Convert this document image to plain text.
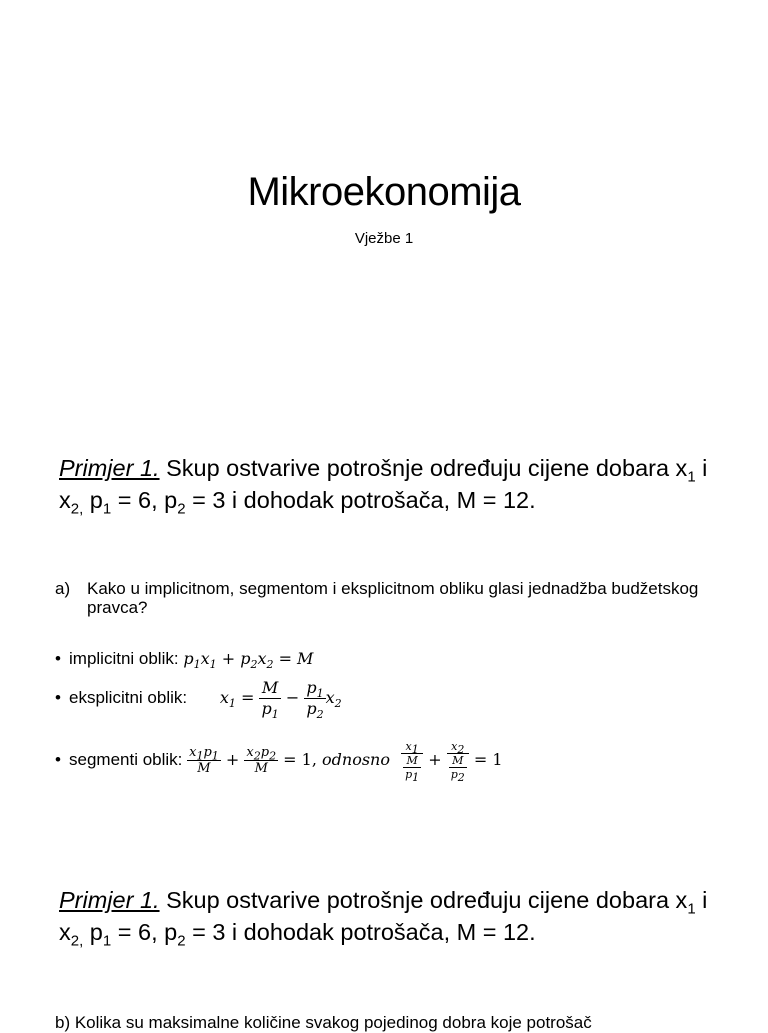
Mikroekonomija
Vježbe 1
Primjer 1. Skup ostvarive potrošnje određuju cijene dobara $x_1$ i $x_{2,}$ $p_1 = 6$, $p_2 = 3$ i dohodak potrošača, M = 12.
a) Kako u implicitnom, segmentom i eksplicitnom obliku glasi jednadžba budžetskog pravca?
• implicitni oblik: $p_1x_1 + p_2x_2 = M$
• eksplicitni oblik: $x_1 = \frac{M}{p_1} - \frac{p_1}{p_2} x_2$
• segmenti oblik: $\frac{x_1p_1}{M} + \frac{x_2p_2}{M} = 1$, odnosno $\frac{x_1}{\frac{M}{p_1}} + \frac{x_2}{\frac{M}{p_2}} = 1$
Primjer 1. Skup ostvarive potrošnje određuju cijene dobara $x_1$ i $x_{2,}$ $p_1 = 6$, $p_2 = 3$ i dohodak potrošača, M = 12.
b) Kolika su maksimalne količine svakog pojedinog dobra koje potrošač
